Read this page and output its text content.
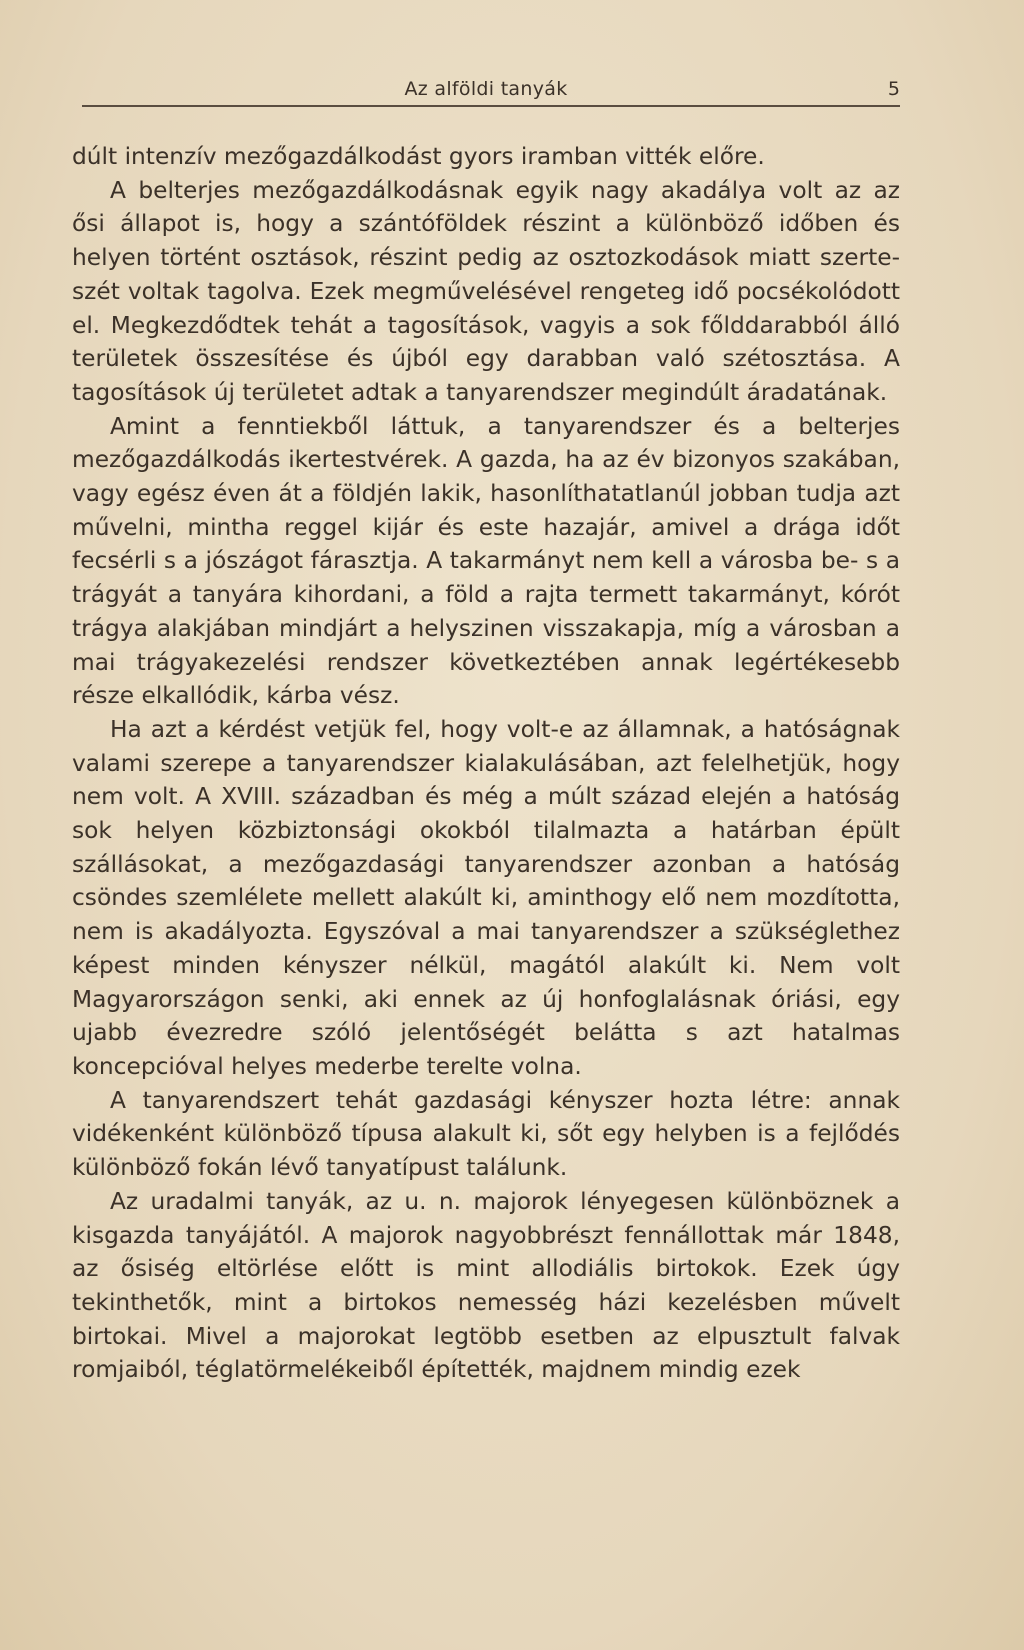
Az alföldi tanyák	5

dúlt intenzív mezőgazdálkodást gyors iramban vitték előre.

A belterjes mezőgazdálkodásnak egyik nagy akadálya volt az az ősi állapot is, hogy a szántóföldek részint a különböző időben és helyen történt osztások, részint pedig az osztozkodások miatt szerte-szét voltak tagolva. Ezek megművelésével rengeteg idő pocsékolódott el. Megkezdődtek tehát a tagosítások, vagyis a sok főlddarabból álló területek összesítése és újból egy darabban való szétosztása. A tagosítások új területet adtak a tanyarendszer megindúlt áradatának.

Amint a fenntiekből láttuk, a tanyarendszer és a belterjes mezőgazdálkodás ikertestvérek. A gazda, ha az év bizonyos szakában, vagy egész éven át a földjén lakik, hasonlíthatatlanúl jobban tudja azt művelni, mintha reggel kijár és este hazajár, amivel a drága időt fecsérli s a jószágot fárasztja. A takarmányt nem kell a városba be- s a trágyát a tanyára kihordani, a föld a rajta termett takarmányt, kórót trágya alakjában mindjárt a helyszinen visszakapja, míg a városban a mai trágyakezelési rendszer következtében annak legértékesebb része elkallódik, kárba vész.

Ha azt a kérdést vetjük fel, hogy volt-e az államnak, a hatóságnak valami szerepe a tanyarendszer kialakulásában, azt felelhetjük, hogy nem volt. A XVIII. században és még a múlt század elején a hatóság sok helyen közbiztonsági okokból tilalmazta a határban épült szállásokat, a mezőgazdasági tanyarendszer azonban a hatóság csöndes szemlélete mellett alakúlt ki, aminthogy elő nem mozdította, nem is akadályozta. Egyszóval a mai tanyarendszer a szükséglethez képest minden kényszer nélkül, magától alakúlt ki. Nem volt Magyarországon senki, aki ennek az új honfoglalásnak óriási, egy ujabb évezredre szóló jelentőségét belátta s azt hatalmas koncepcióval helyes mederbe terelte volna.

A tanyarendszert tehát gazdasági kényszer hozta létre: annak vidékenként különböző típusa alakult ki, sőt egy helyben is a fejlődés különböző fokán lévő tanyatípust találunk.

Az uradalmi tanyák, az u. n. majorok lényegesen különböznek a kisgazda tanyájától. A majorok nagyobbrészt fennállottak már 1848, az ősiség eltörlése előtt is mint allodiális birtokok. Ezek úgy tekinthetők, mint a birtokos nemesség házi kezelésben művelt birtokai. Mivel a majorokat legtöbb esetben az elpusztult falvak romjaiból, téglatörmelékeiből építették, majdnem mindig ezek
